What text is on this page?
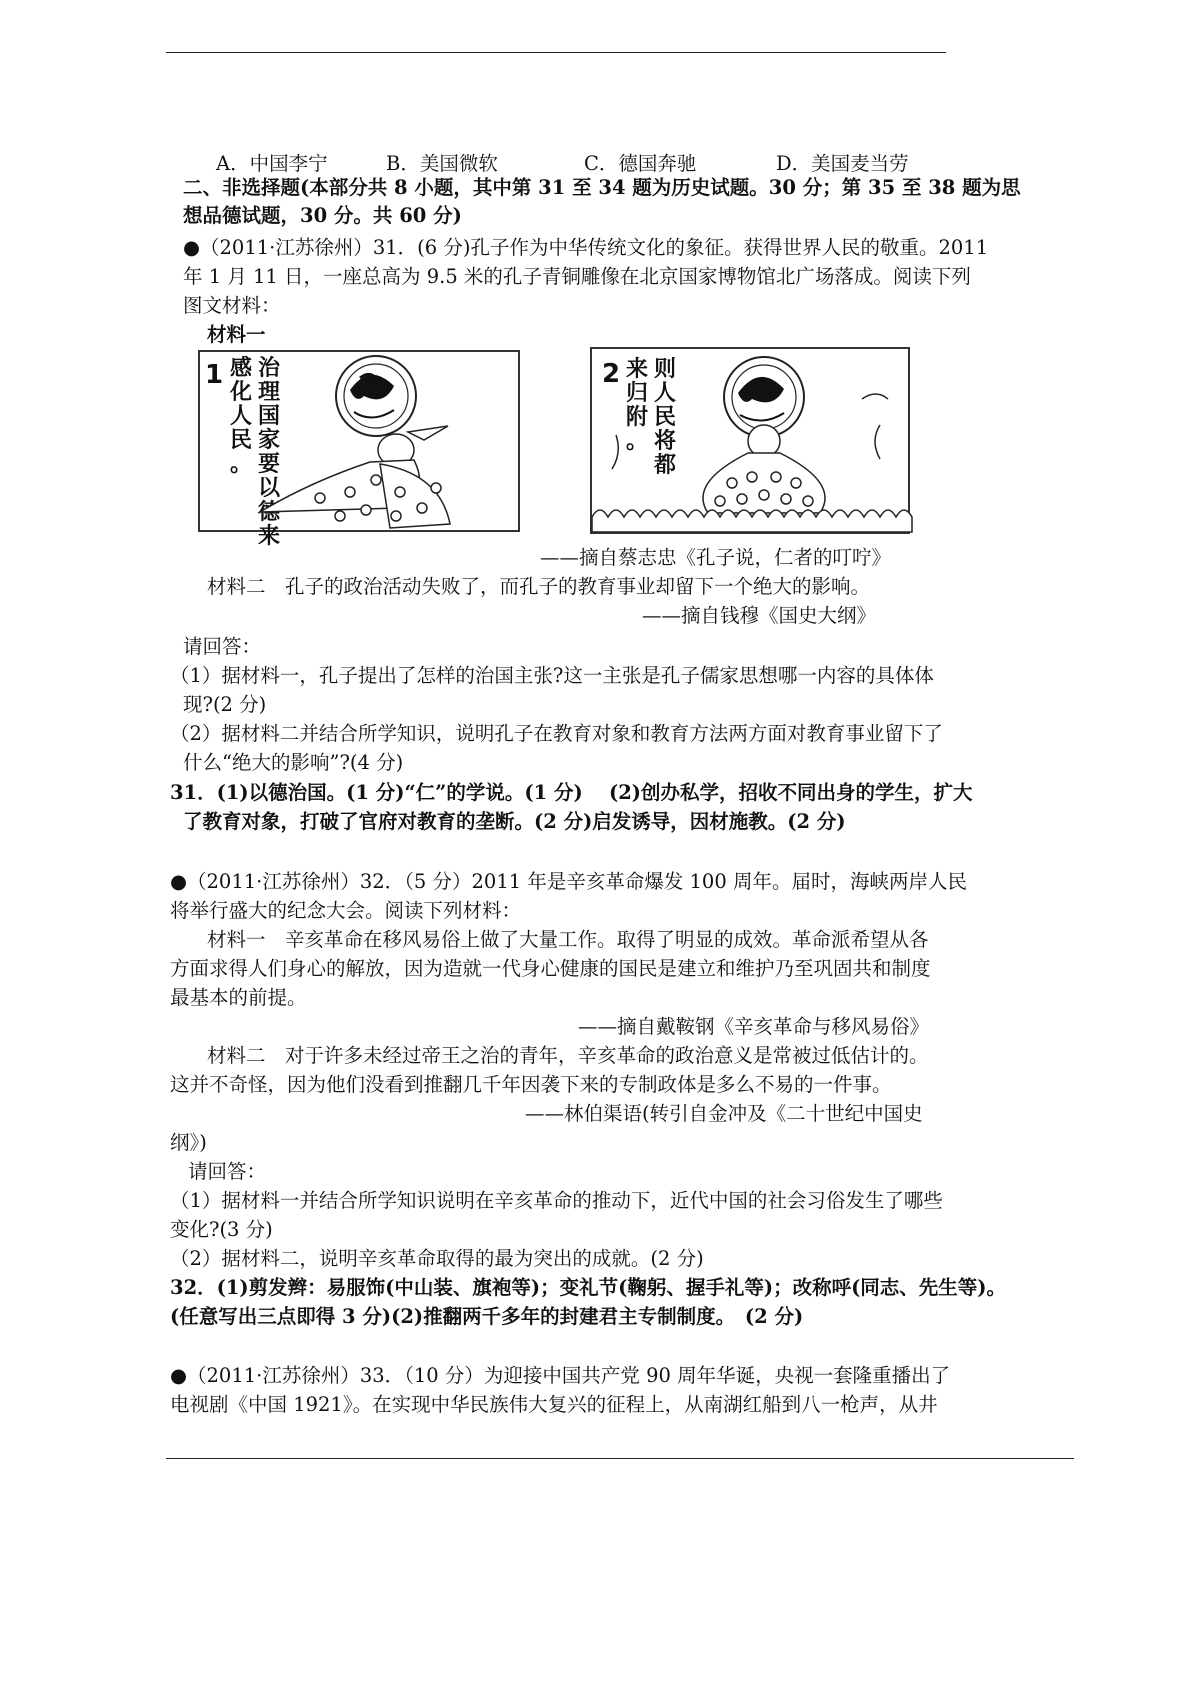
A．中国李宁	B．美国微软	C．德国奔驰	D．美国麦当劳
二、非选择题(本部分共 8 小题，其中第 31 至 34 题为历史试题。30 分；第 35 至 38 题为思
想品德试题，30 分。共 60 分)
●（2011·江苏徐州）31．(6 分)孔子作为中华传统文化的象征。获得世界人民的敬重。2011
年 1 月 11 日，一座总高为 9.5 米的孔子青铜雕像在北京国家博物馆北广场落成。阅读下列
图文材料：
材料一
1 感
化
人
民
。
治
理
国
家
要
以
来
2 来
归
附
。
则
人
民
将
都
——摘自蔡志忠《孔子说，仁者的叮咛》
材料二　孔子的政治活动失败了，而孔子的教育事业却留下一个绝大的影响。
——摘自钱穆《国史大纲》
请回答：
（1）据材料一，孔子提出了怎样的治国主张?这一主张是孔子儒家思想哪一内容的具体体
现?(2 分)
（2）据材料二并结合所学知识，说明孔子在教育对象和教育方法两方面对教育事业留下了
什么“绝大的影响”?(4 分)
31．(1)以德治国。(1 分)“仁”的学说。(1 分)　 (2)创办私学，招收不同出身的学生，扩大
了教育对象，打破了官府对教育的垄断。(2 分)启发诱导，因材施教。(2 分)
●（2011·江苏徐州）32．（5 分）2011 年是辛亥革命爆发 100 周年。届时，海峡两岸人民
将举行盛大的纪念大会。阅读下列材料：
材料一　辛亥革命在移风易俗上做了大量工作。取得了明显的成效。革命派希望从各
方面求得人们身心的解放，因为造就一代身心健康的国民是建立和维护乃至巩固共和制度
最基本的前提。
——摘自戴鞍钢《辛亥革命与移风易俗》
材料二　对于许多未经过帝王之治的青年，辛亥革命的政治意义是常被过低估计的。
这并不奇怪，因为他们没看到推翻几千年因袭下来的专制政体是多么不易的一件事。
——林伯渠语(转引自金冲及《二十世纪中国史
纲》)
请回答：
（1）据材料一并结合所学知识说明在辛亥革命的推动下，近代中国的社会习俗发生了哪些
变化?(3 分)
（2）据材料二，说明辛亥革命取得的最为突出的成就。(2 分)
32．(1)剪发辫：易服饰(中山装、旗袍等)；变礼节(鞠躬、握手礼等)；改称呼(同志、先生等)。
(任意写出三点即得 3 分)(2)推翻两千多年的封建君主专制制度。　(2 分)
●（2011·江苏徐州）33．（10 分）为迎接中国共产党 90 周年华诞，央视一套隆重播出了
电视剧《中国 1921》。在实现中华民族伟大复兴的征程上，从南湖红船到八一枪声，从井
